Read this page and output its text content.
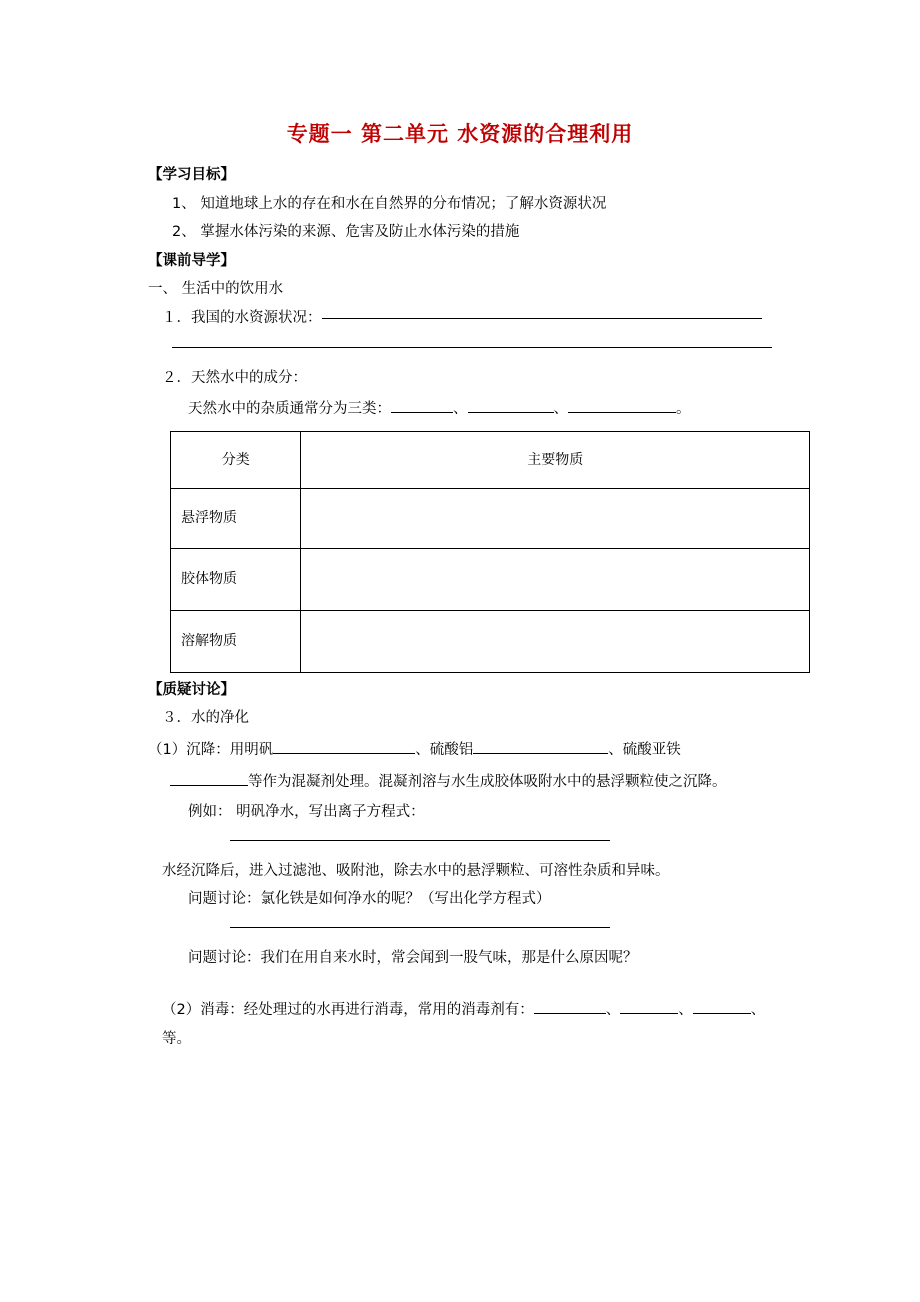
专题一 第二单元 水资源的合理利用
【学习目标】
1、 知道地球上水的存在和水在自然界的分布情况；了解水资源状况
2、 掌握水体污染的来源、危害及防止水体污染的措施
【课前导学】
一、 生活中的饮用水
１．我国的水资源状况：
２．天然水中的成分：
天然水中的杂质通常分为三类：	、	、	。
分类	主要物质
悬浮物质	
胶体物质	
溶解物质	
【质疑讨论】
３．水的净化
（1）沉降：用明矾	、硫酸铝	、硫酸亚铁
等作为混凝剂处理。混凝剂溶与水生成胶体吸附水中的悬浮颗粒使之沉降。
例如： 明矾净水，写出离子方程式：
水经沉降后，进入过滤池、吸附池，除去水中的悬浮颗粒、可溶性杂质和异味。
问题讨论：氯化铁是如何净水的呢？（写出化学方程式）
问题讨论：我们在用自来水时，常会闻到一股气味，那是什么原因呢？
（2）消毒：经处理过的水再进行消毒，常用的消毒剂有：	、	、	、
等。
